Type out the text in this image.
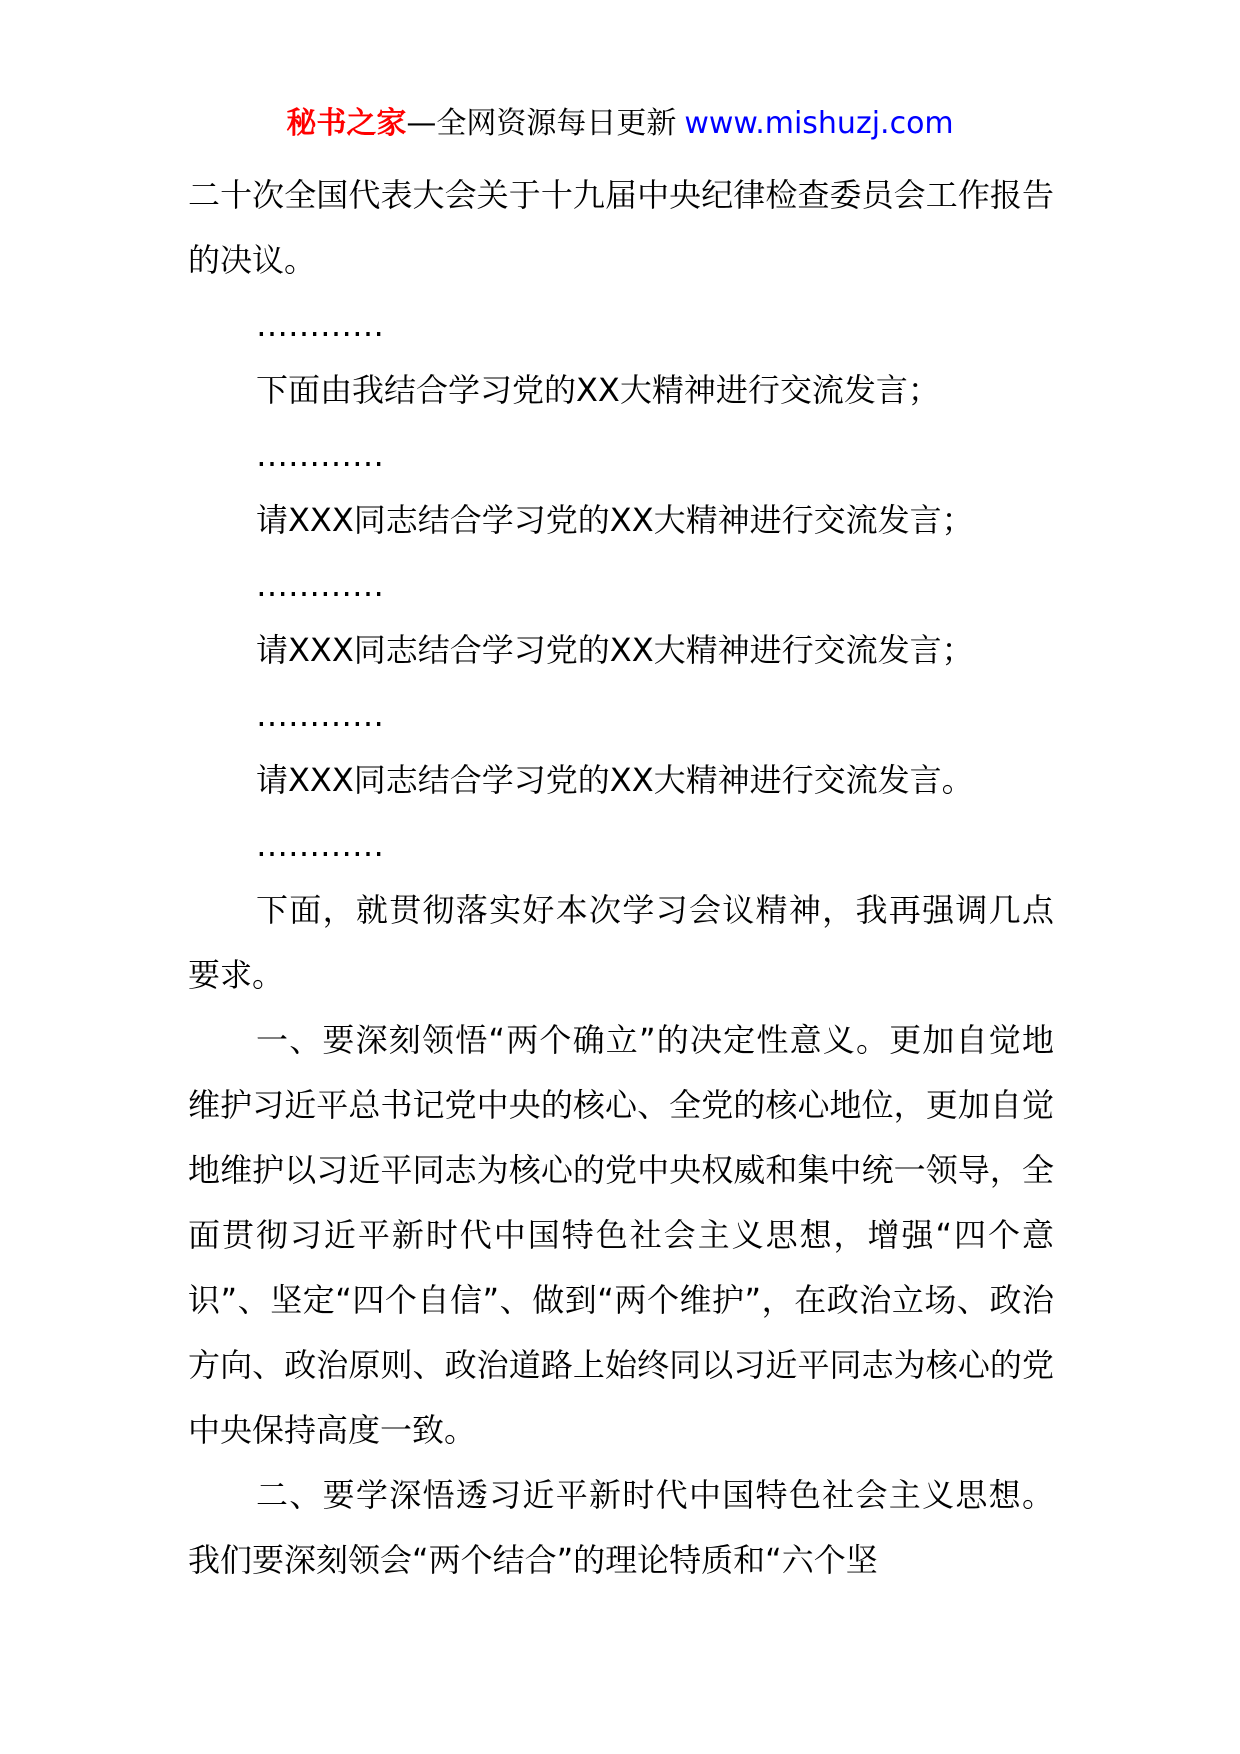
秘书之家—全网资源每日更新 www.mishuzj.com

二十次全国代表大会关于十九届中央纪律检查委员会工作报告的决议。

…………

下面由我结合学习党的XX大精神进行交流发言；

…………

请XXX同志结合学习党的XX大精神进行交流发言；

…………

请XXX同志结合学习党的XX大精神进行交流发言；

…………

请XXX同志结合学习党的XX大精神进行交流发言。

…………

下面，就贯彻落实好本次学习会议精神，我再强调几点要求。

一、要深刻领悟“两个确立”的决定性意义。更加自觉地维护习近平总书记党中央的核心、全党的核心地位，更加自觉地维护以习近平同志为核心的党中央权威和集中统一领导，全面贯彻习近平新时代中国特色社会主义思想，增强“四个意识”、坚定“四个自信”、做到“两个维护”，在政治立场、政治方向、政治原则、政治道路上始终同以习近平同志为核心的党中央保持高度一致。

二、要学深悟透习近平新时代中国特色社会主义思想。我们要深刻领会“两个结合”的理论特质和“六个坚
